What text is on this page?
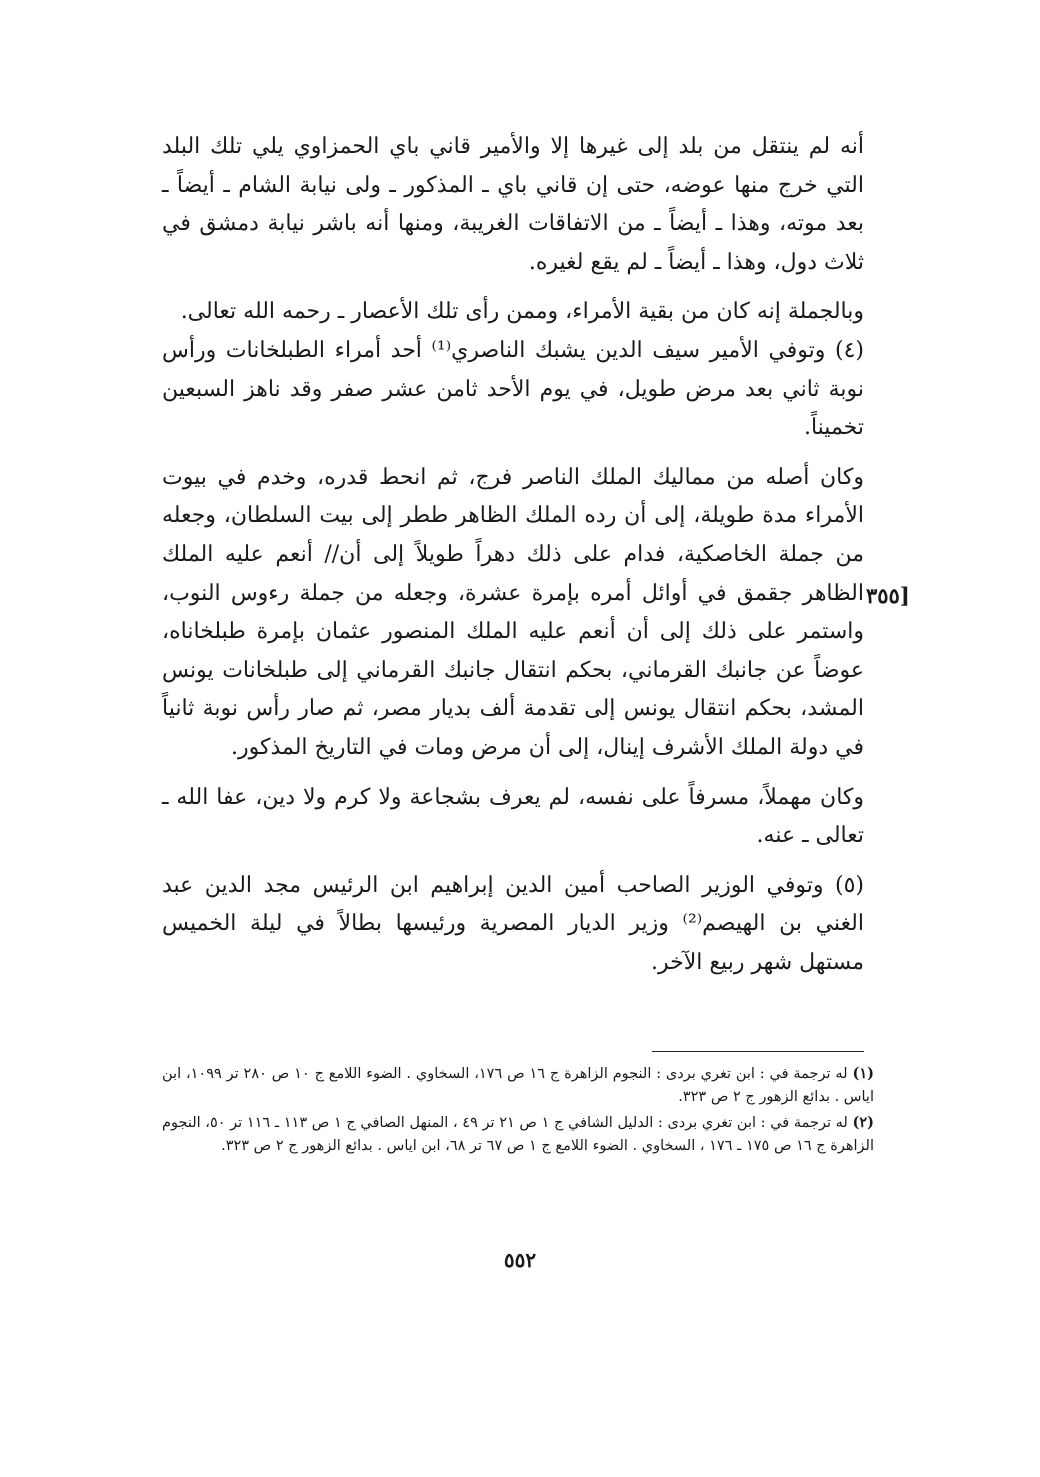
أنه لم ينتقل من بلد إلى غيرها إلا والأمير قاني باي الحمزاوي يلي تلك البلد التي خرج منها عوضه، حتى إن قاني باي ـ المذكور ـ ولى نيابة الشام ـ أيضاً ـ بعد موته، وهذا ـ أيضاً ـ من الاتفاقات الغريبة، ومنها أنه باشر نيابة دمشق في ثلاث دول، وهذا ـ أيضاً ـ لم يقع لغيره.

وبالجملة إنه كان من بقية الأمراء، وممن رأى تلك الأعصار ـ رحمه الله تعالى.

(٤) وتوفي الأمير سيف الدين يشبك الناصري⁽¹⁾ أحد أمراء الطبلخانات ورأس نوبة ثاني بعد مرض طويل، في يوم الأحد ثامن عشر صفر وقد ناهز السبعين تخميناً.

وكان أصله من مماليك الملك الناصر فرج، ثم انحط قدره، وخدم في بيوت الأمراء مدة طويلة، إلى أن رده الملك الظاهر ططر إلى بيت السلطان، وجعله من جملة الخاصكية، فدام على ذلك دهراً طويلاً إلى أن// أنعم عليه الملك الظاهر جقمق في أوائل أمره بإمرة عشرة، وجعله من جملة رءوس النوب، واستمر على ذلك إلى أن أنعم عليه الملك المنصور عثمان بإمرة طبلخاناه، عوضاً عن جانبك القرماني، بحكم انتقال جانبك القرماني إلى طبلخانات يونس المشد، بحكم انتقال يونس إلى تقدمة ألف بديار مصر، ثم صار رأس نوبة ثانياً في دولة الملك الأشرف إينال، إلى أن مرض ومات في التاريخ المذكور.

وكان مهملاً، مسرفاً على نفسه، لم يعرف بشجاعة ولا كرم ولا دين، عفا الله ـ تعالى ـ عنه.

(٥) وتوفي الوزير الصاحب أمين الدين إبراهيم ابن الرئيس مجد الدين عبد الغني بن الهيصم⁽²⁾ وزير الديار المصرية ورئيسها بطالاً في ليلة الخميس مستهل شهر ربيع الآخر.

[٣٥٥

(١) له ترجمة في : ابن تغري بردى : النجوم الزاهرة ج ١٦ ص ١٧٦، السخاوي . الضوء اللامع ج ١٠ ص ٢٨٠ تر ١٠٩٩، ابن اياس . بدائع الزهور ج ٢ ص ٣٢٣.

(٢) له ترجمة في : ابن تغري بردى : الدليل الشافي ج ١ ص ٢١ تر ٤٩ ، المنهل الصافي ج ١ ص ١١٣ ـ ١١٦ تر ٥٠، النجوم الزاهرة ج ١٦ ص ١٧٥ ـ ١٧٦ ، السخاوي . الضوء اللامع ج ١ ص ٦٧ تر ٦٨، ابن اياس . بدائع الزهور ج ٢ ص ٣٢٣.

٥٥٢
